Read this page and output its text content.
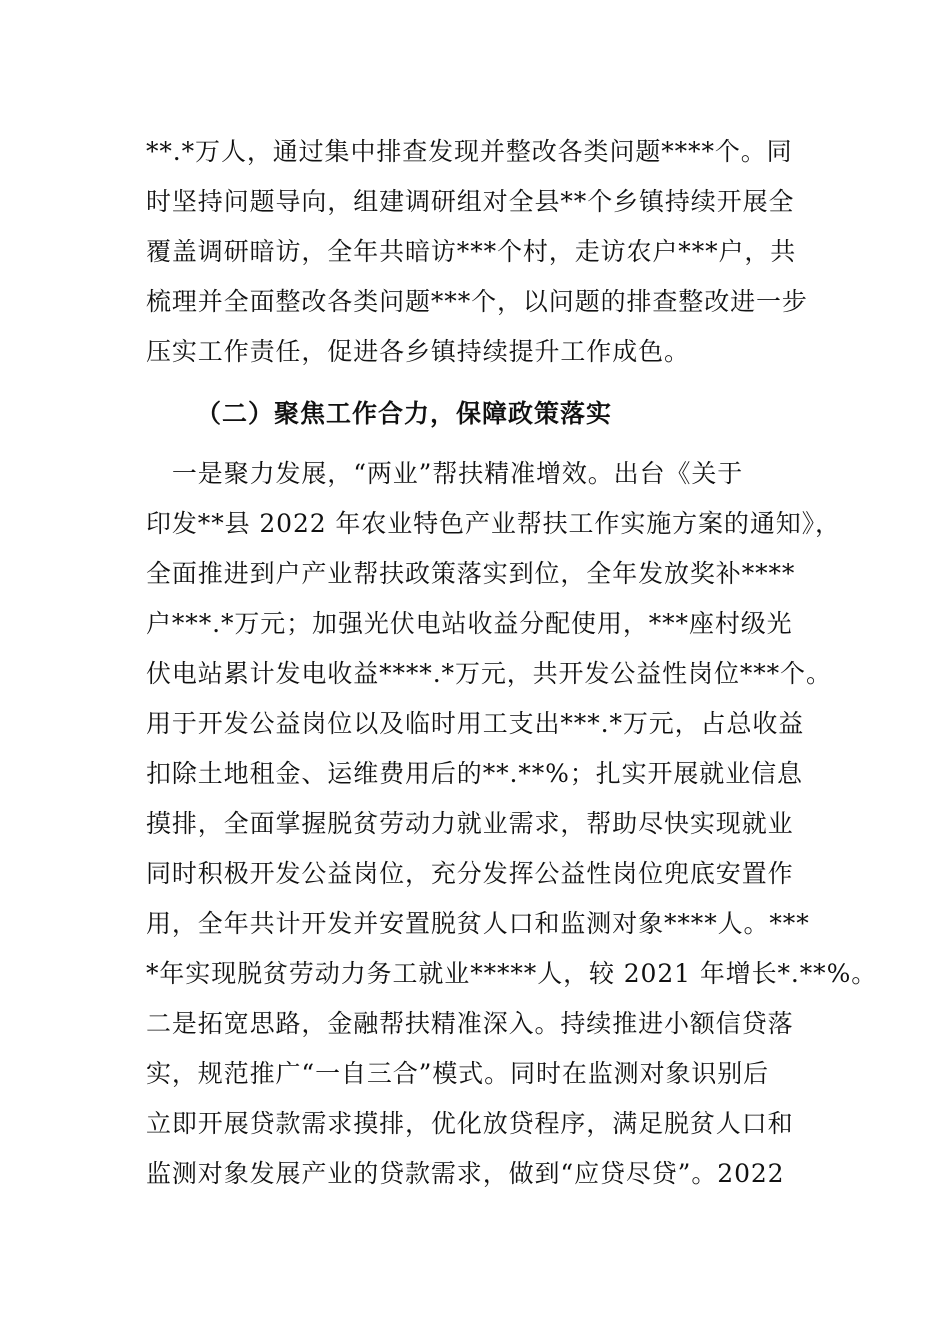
**.*万人，通过集中排查发现并整改各类问题****个。同
时坚持问题导向，组建调研组对全县**个乡镇持续开展全
覆盖调研暗访，全年共暗访***个村，走访农户***户，共
梳理并全面整改各类问题***个，以问题的排查整改进一步
压实工作责任，促进各乡镇持续提升工作成色。
（二）聚焦工作合力，保障政策落实
　一是聚力发展，“两业”帮扶精准增效。出台《关于
印发**县 2022 年农业特色产业帮扶工作实施方案的通知》，
全面推进到户产业帮扶政策落实到位，全年发放奖补****
户***.*万元；加强光伏电站收益分配使用，***座村级光
伏电站累计发电收益****.*万元，共开发公益性岗位***个。
用于开发公益岗位以及临时用工支出***.*万元，占总收益
扣除土地租金、运维费用后的**.**%；扎实开展就业信息
摸排，全面掌握脱贫劳动力就业需求，帮助尽快实现就业
同时积极开发公益岗位，充分发挥公益性岗位兜底安置作
用，全年共计开发并安置脱贫人口和监测对象****人。***
*年实现脱贫劳动力务工就业*****人，较 2021 年增长*.**%。
二是拓宽思路，金融帮扶精准深入。持续推进小额信贷落
实，规范推广“一自三合”模式。同时在监测对象识别后
立即开展贷款需求摸排，优化放贷程序，满足脱贫人口和
监测对象发展产业的贷款需求，做到“应贷尽贷”。2022
